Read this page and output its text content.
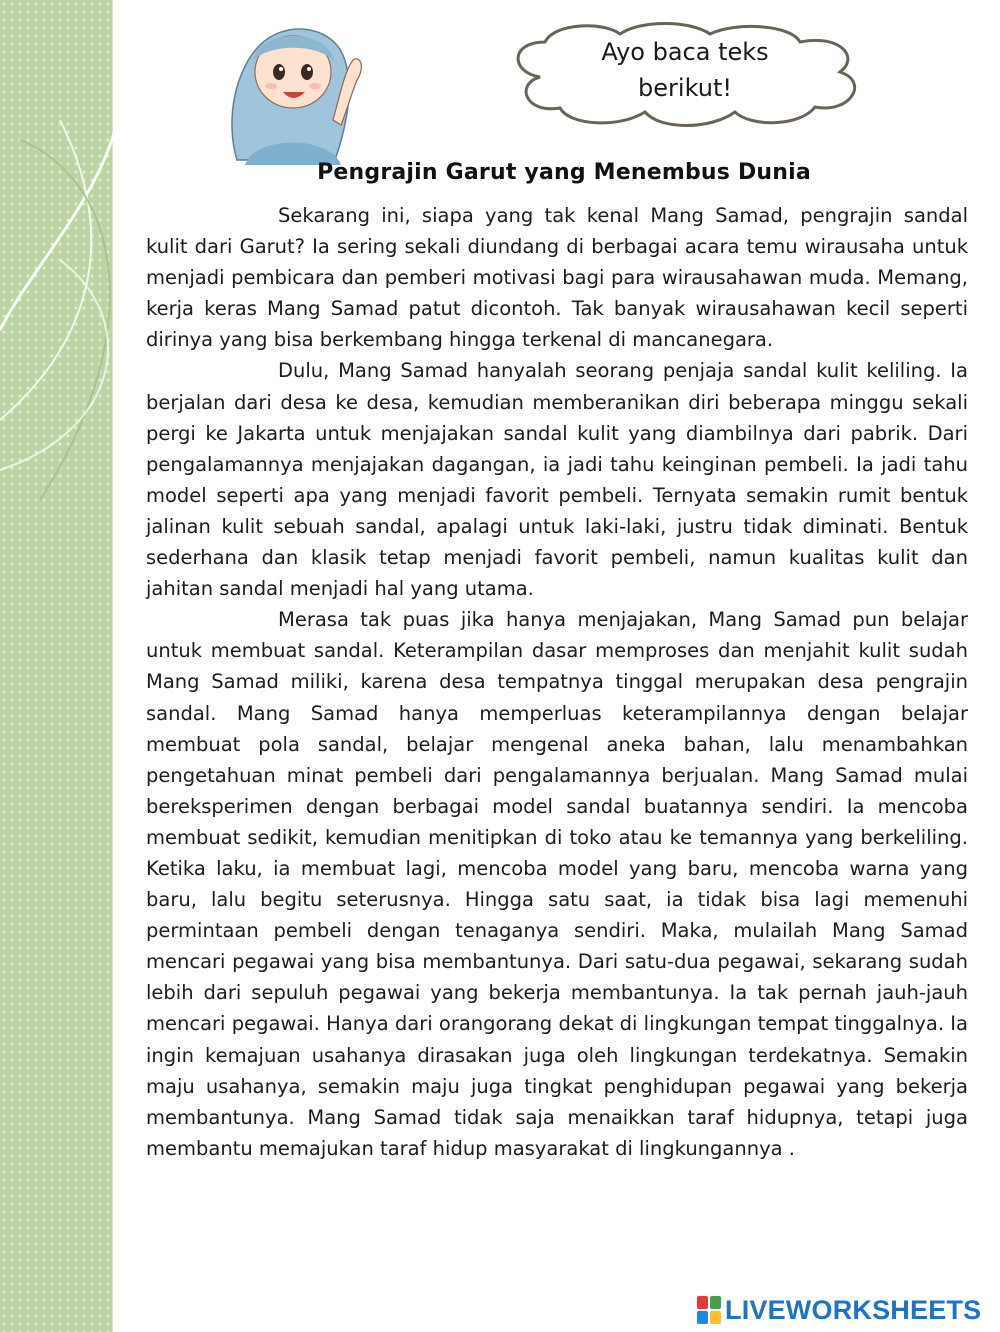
Ayo baca teks
berikut!
Pengrajin Garut yang Menembus Dunia

Sekarang ini, siapa yang tak kenal Mang Samad, pengrajin sandal kulit dari Garut? Ia sering sekali diundang di berbagai acara temu wirausaha untuk menjadi pembicara dan pemberi motivasi bagi para wirausahawan muda. Memang, kerja keras Mang Samad patut dicontoh. Tak banyak wirausahawan kecil seperti dirinya yang bisa berkembang hingga terkenal di mancanegara.

Dulu, Mang Samad hanyalah seorang penjaja sandal kulit keliling. Ia berjalan dari desa ke desa, kemudian memberanikan diri beberapa minggu sekali pergi ke Jakarta untuk menjajakan sandal kulit yang diambilnya dari pabrik. Dari pengalamannya menjajakan dagangan, ia jadi tahu keinginan pembeli. Ia jadi tahu model seperti apa yang menjadi favorit pembeli. Ternyata semakin rumit bentuk jalinan kulit sebuah sandal, apalagi untuk laki-laki, justru tidak diminati. Bentuk sederhana dan klasik tetap menjadi favorit pembeli, namun kualitas kulit dan jahitan sandal menjadi hal yang utama.

Merasa tak puas jika hanya menjajakan, Mang Samad pun belajar untuk membuat sandal. Keterampilan dasar memproses dan menjahit kulit sudah Mang Samad miliki, karena desa tempatnya tinggal merupakan desa pengrajin sandal. Mang Samad hanya memperluas keterampilannya dengan belajar membuat pola sandal, belajar mengenal aneka bahan, lalu menambahkan pengetahuan minat pembeli dari pengalamannya berjualan. Mang Samad mulai bereksperimen dengan berbagai model sandal buatannya sendiri. Ia mencoba membuat sedikit, kemudian menitipkan di toko atau ke temannya yang berkeliling. Ketika laku, ia membuat lagi, mencoba model yang baru, mencoba warna yang baru, lalu begitu seterusnya. Hingga satu saat, ia tidak bisa lagi memenuhi permintaan pembeli dengan tenaganya sendiri. Maka, mulailah Mang Samad mencari pegawai yang bisa membantunya. Dari satu-dua pegawai, sekarang sudah lebih dari sepuluh pegawai yang bekerja membantunya. Ia tak pernah jauh-jauh mencari pegawai. Hanya dari orangorang dekat di lingkungan tempat tinggalnya. Ia ingin kemajuan usahanya dirasakan juga oleh lingkungan terdekatnya. Semakin maju usahanya, semakin maju juga tingkat penghidupan pegawai yang bekerja membantunya. Mang Samad tidak saja menaikkan taraf hidupnya, tetapi juga membantu memajukan taraf hidup masyarakat di lingkungannya .

LIVEWORKSHEETS
